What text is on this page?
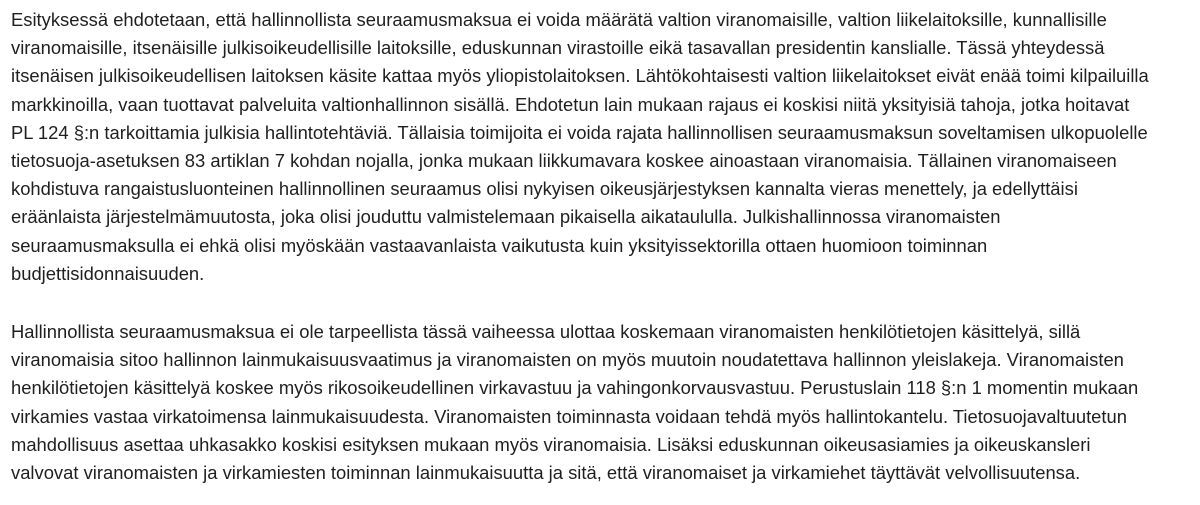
Esityksessä ehdotetaan, että hallinnollista seuraamusmaksua ei voida määrätä valtion viranomaisille, valtion liikelaitoksille, kunnallisille
viranomaisille, itsenäisille julkisoikeudellisille laitoksille, eduskunnan virastoille eikä tasavallan presidentin kanslialle. Tässä yhteydessä
itsenäisen julkisoikeudellisen laitoksen käsite kattaa myös yliopistolaitoksen. Lähtökohtaisesti valtion liikelaitokset eivät enää toimi kilpailuilla
markkinoilla, vaan tuottavat palveluita valtionhallinnon sisällä. Ehdotetun lain mukaan rajaus ei koskisi niitä yksityisiä tahoja, jotka hoitavat
PL 124 §:n tarkoittamia julkisia hallintotehtäviä. Tällaisia toimijoita ei voida rajata hallinnollisen seuraamusmaksun soveltamisen ulkopuolelle
tietosuoja-asetuksen 83 artiklan 7 kohdan nojalla, jonka mukaan liikkumavara koskee ainoastaan viranomaisia. Tällainen viranomaiseen
kohdistuva rangaistusluonteinen hallinnollinen seuraamus olisi nykyisen oikeusjärjestyksen kannalta vieras menettely, ja edellyttäisi
eräänlaista järjestelmämuutosta, joka olisi jouduttu valmistelemaan pikaisella aikataululla. Julkishallinnossa viranomaisten
seuraamusmaksulla ei ehkä olisi myöskään vastaavanlaista vaikutusta kuin yksityissektorilla ottaen huomioon toiminnan
budjettisidonnaisuuden.

Hallinnollista seuraamusmaksua ei ole tarpeellista tässä vaiheessa ulottaa koskemaan viranomaisten henkilötietojen käsittelyä, sillä
viranomaisia sitoo hallinnon lainmukaisuusvaatimus ja viranomaisten on myös muutoin noudatettava hallinnon yleislakeja. Viranomaisten
henkilötietojen käsittelyä koskee myös rikosoikeudellinen virkavastuu ja vahingonkorvausvastuu. Perustuslain 118 §:n 1 momentin mukaan
virkamies vastaa virkatoimensa lainmukaisuudesta. Viranomaisten toiminnasta voidaan tehdä myös hallintokantelu. Tietosuojavaltuutetun
mahdollisuus asettaa uhkasakko koskisi esityksen mukaan myös viranomaisia. Lisäksi eduskunnan oikeusasiamies ja oikeuskansleri
valvovat viranomaisten ja virkamiesten toiminnan lainmukaisuutta ja sitä, että viranomaiset ja virkamiehet täyttävät velvollisuutensa.
